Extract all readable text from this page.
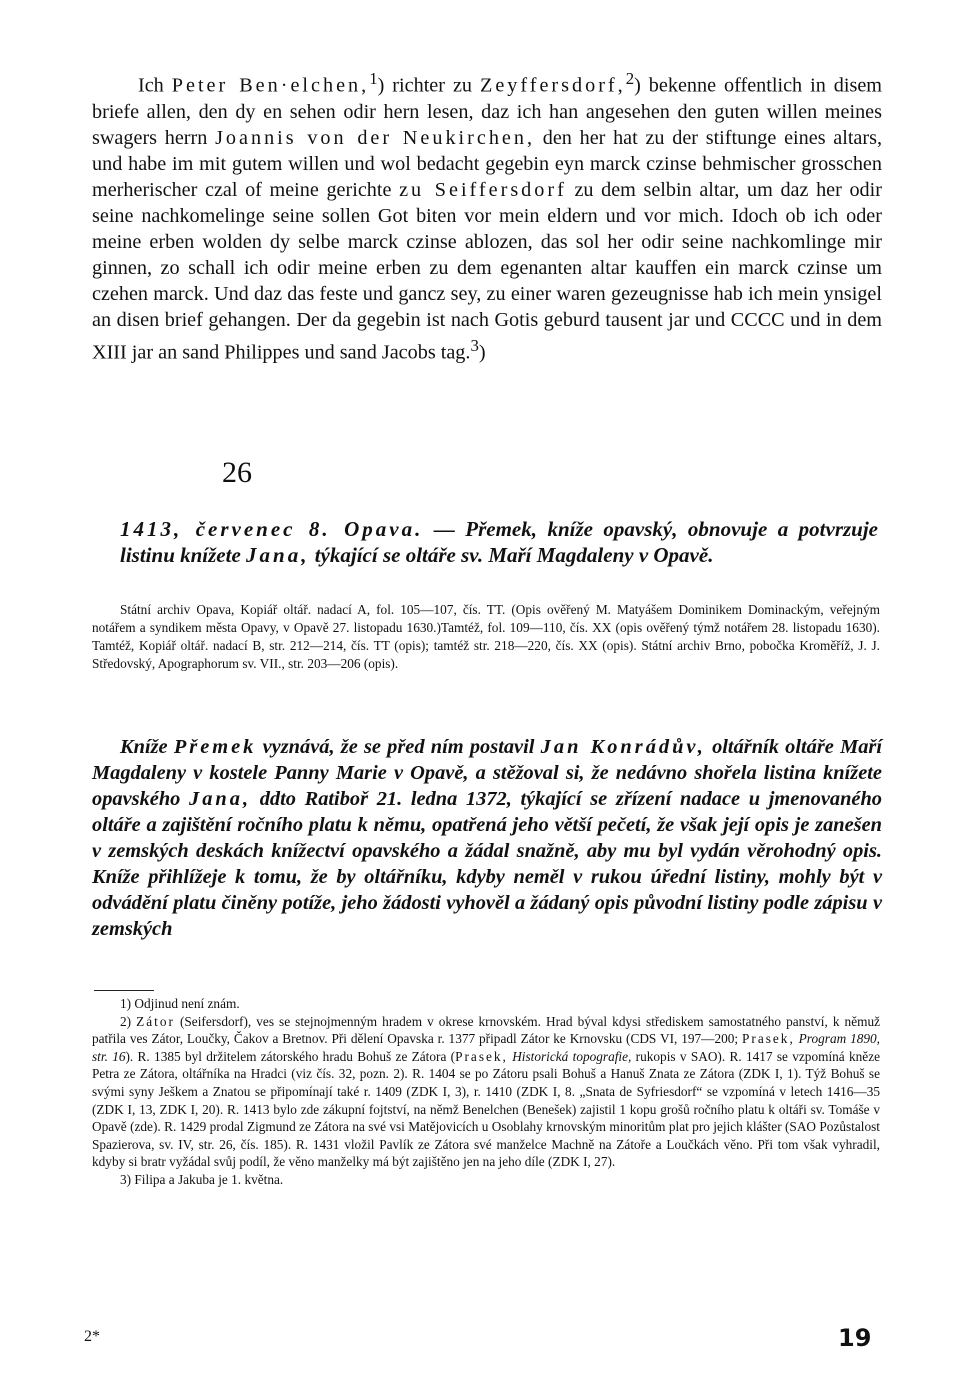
Ich Peter Ben·elchen,$^1$) richter zu Zeyffersdorf,$^2$) bekenne offentlich in disem briefe allen, den dy en sehen odir hern lesen, daz ich han angesehen den guten willen meines swagers herrn Joannis von der Neukirchen, den her hat zu der stiftunge eines altars, und habe im mit gutem willen und wol bedacht gegebin eyn marck czinse behmischer grosschen merherischer czal of meine gerichte zu Seiffersdorf zu dem selbin altar, um daz her odir seine nachkomelinge seine sollen Got biten vor mein eldern und vor mich. Idoch ob ich oder meine erben wolden dy selbe marck czinse ablozen, das sol her odir seine nachkomlinge mir ginnen, zo schall ich odir meine erben zu dem egenanten altar kauffen ein marck czinse um czehen marck. Und daz das feste und gancz sey, zu einer waren gezeugnisse hab ich mein ynsigel an disen brief gehangen. Der da gegebin ist nach Gotis geburd tausent jar und CCCC und in dem XIII jar an sand Philippes und sand Jacobs tag.$^3$)

26
1413, červenec 8. Opava. — Přemek, kníže opavský, obnovuje a potvrzuje listinu knížete Jana, týkající se oltáře sv. Maří Magdaleny v Opavě.

Státní archiv Opava, Kopiář oltář. nadací A, fol. 105—107, čís. TT. (Opis ověřený M. Matyášem Dominikem Dominackým, veřejným notářem a syndikem města Opavy, v Opavě 27. listopadu 1630.)Tamtéž, fol. 109—110, čís. XX (opis ověřený týmž notářem 28. listopadu 1630). Tamtéž, Kopiář oltář. nadací B, str. 212—214, čís. TT (opis); tamtéž str. 218—220, čís. XX (opis). Státní archiv Brno, pobočka Kroměříž, J. J. Středovský, Apographorum sv. VII., str. 203—206 (opis).

Kníže Přemek vyznává, že se před ním postavil Jan Konrádův, oltářník oltáře Maří Magdaleny v kostele Panny Marie v Opavě, a stěžoval si, že nedávno shořela listina knížete opavského Jana, ddto Ratiboř 21. ledna 1372, týkající se zřízení nadace u jmenovaného oltáře a zajištění ročního platu k němu, opatřená jeho větší pečetí, že však její opis je zanešen v zemských deskách knížectví opavského a žádal snažně, aby mu byl vydán věrohodný opis. Kníže přihlížeje k tomu, že by oltářníku, kdyby neměl v rukou úřední listiny, mohly být v odvádění platu činěny potíže, jeho žádosti vyhověl a žádaný opis původní listiny podle zápisu v zemských

1) Odjinud není znám.

2) Zátor (Seifersdorf), ves se stejnojmenným hradem v okrese krnovském. Hrad býval kdysi střediskem samostatného panství, k němuž patřila ves Zátor, Loučky, Čakov a Bretnov. Při dělení Opavska r. 1377 připadl Zátor ke Krnovsku (CDS VI, 197—200; Prasek, Program 1890, str. 16). R. 1385 byl držitelem zátorského hradu Bohuš ze Zátora (Prasek, Historická topografie, rukopis v SAO). R. 1417 se vzpomíná kněze Petra ze Zátora, oltářníka na Hradci (viz čís. 32, pozn. 2). R. 1404 se po Zátoru psali Bohuš a Hanuš Znata ze Zátora (ZDK I, 1). Týž Bohuš se svými syny Ješkem a Znatou se připomínají také r. 1409 (ZDK I, 3), r. 1410 (ZDK I, 8. „Snata de Syfriesdorf“ se vzpomíná v letech 1416—35 (ZDK I, 13, ZDK I, 20). R. 1413 bylo zde zákupní fojtství, na němž Benelchen (Benešek) zajistil 1 kopu grošů ročního platu k oltáři sv. Tomáše v Opavě (zde). R. 1429 prodal Zigmund ze Zátora na své vsi Matějovicích u Osoblahy krnovským minoritům plat pro jejich klášter (SAO Pozůstalost Spazierova, sv. IV, str. 26, čís. 185). R. 1431 vložil Pavlík ze Zátora své manželce Machně na Zátoře a Loučkách věno. Při tom však vyhradil, kdyby si bratr vyžádal svůj podíl, že věno manželky má být zajištěno jen na jeho díle (ZDK I, 27).

3) Filipa a Jakuba je 1. května.

2*	19
